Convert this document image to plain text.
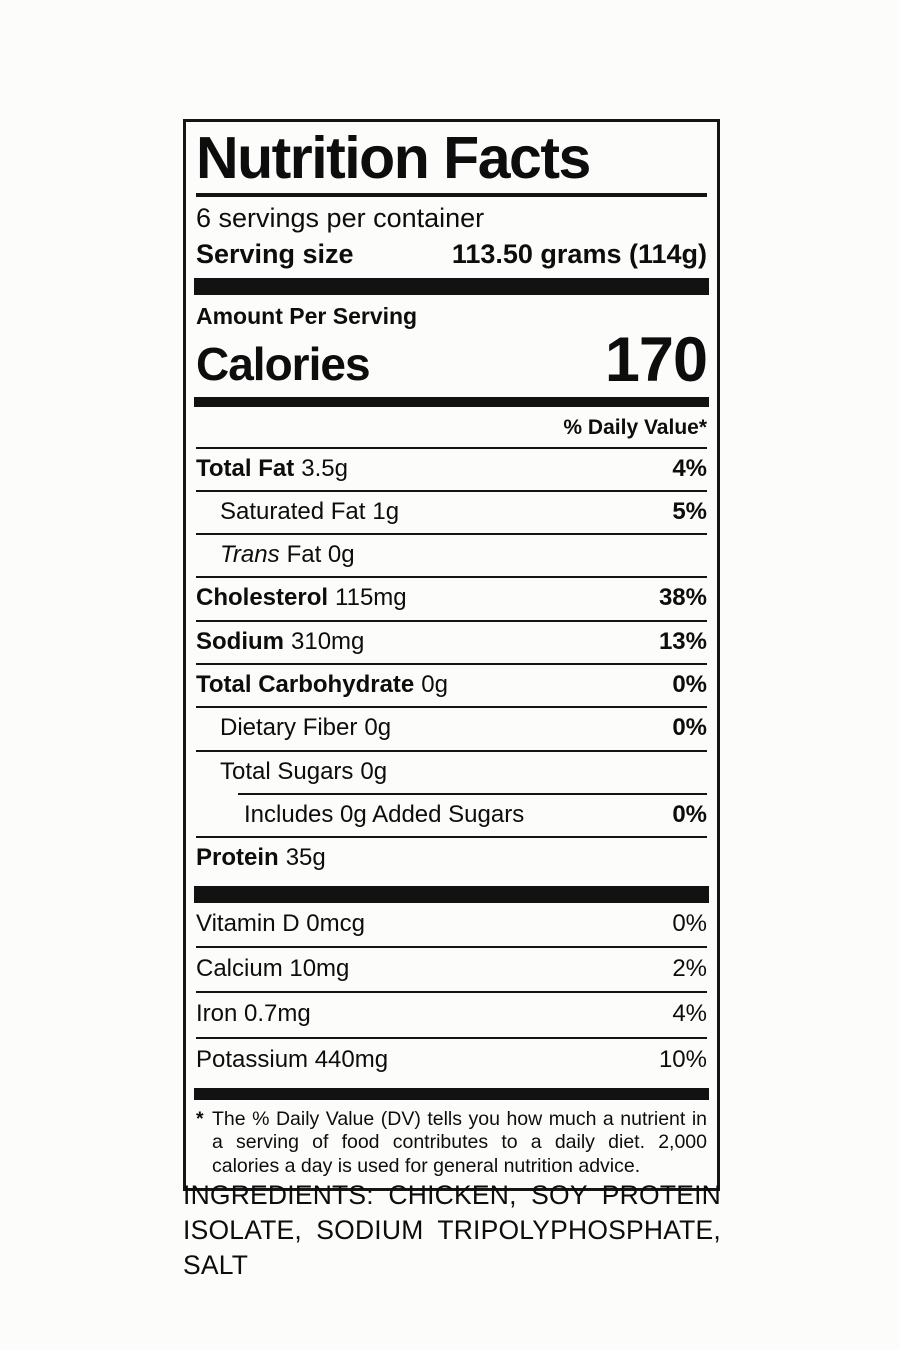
Nutrition Facts
6 servings per container
Serving size	113.50 grams (114g)
Amount Per Serving
Calories	170
% Daily Value*
Total Fat 3.5g	4%
Saturated Fat 1g	5%
Trans Fat 0g
Cholesterol 115mg	38%
Sodium 310mg	13%
Total Carbohydrate 0g	0%
Dietary Fiber 0g	0%
Total Sugars 0g
Includes 0g Added Sugars	0%
Protein 35g
Vitamin D 0mcg	0%
Calcium 10mg	2%
Iron 0.7mg	4%
Potassium 440mg	10%
* The % Daily Value (DV) tells you how much a nutrient in a serving of food contributes to a daily diet. 2,000 calories a day is used for general nutrition advice.
INGREDIENTS: CHICKEN, SOY PROTEIN ISOLATE, SODIUM TRIPOLYPHOSPHATE, SALT
